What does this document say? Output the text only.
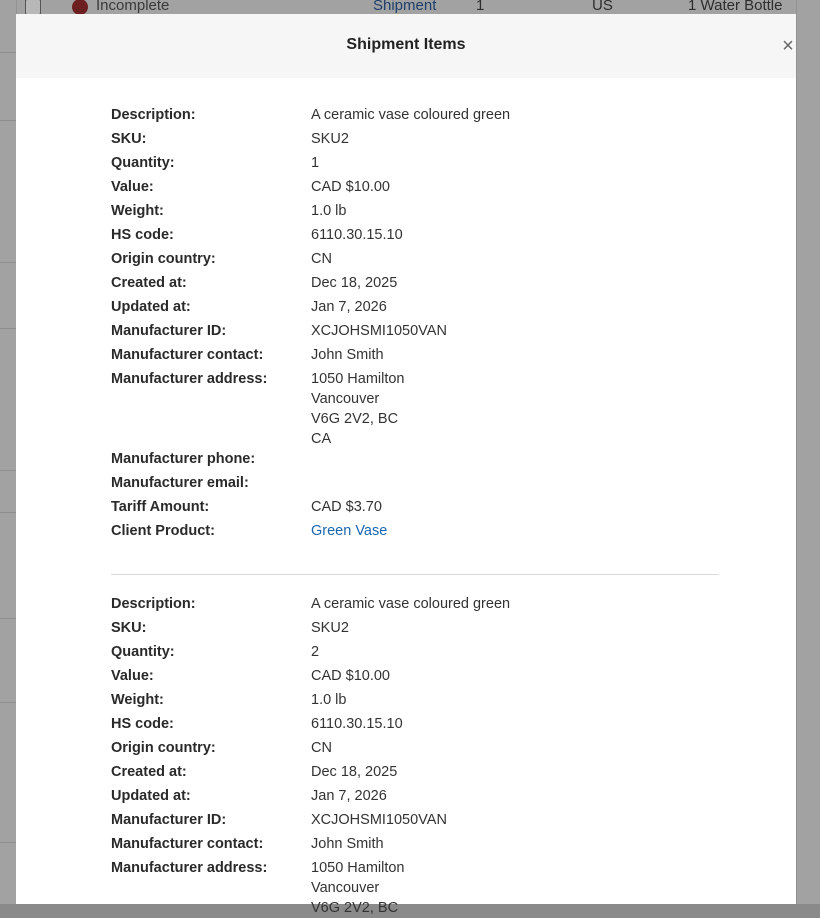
Incomplete	Shipment	1	US	1 Water Bottle
Shipment Items	×
Description:	A ceramic vase coloured green
SKU:	SKU2
Quantity:	1
Value:	CAD $10.00
Weight:	1.0 lb
HS code:	6110.30.15.10
Origin country:	CN
Created at:	Dec 18, 2025
Updated at:	Jan 7, 2026
Manufacturer ID:	XCJOHSMI1050VAN
Manufacturer contact:	John Smith
Manufacturer address:	1050 Hamilton
Vancouver
V6G 2V2, BC
CA
Manufacturer phone:
Manufacturer email:
Tariff Amount:	CAD $3.70
Client Product:	Green Vase
Description:	A ceramic vase coloured green
SKU:	SKU2
Quantity:	2
Value:	CAD $10.00
Weight:	1.0 lb
HS code:	6110.30.15.10
Origin country:	CN
Created at:	Dec 18, 2025
Updated at:	Jan 7, 2026
Manufacturer ID:	XCJOHSMI1050VAN
Manufacturer contact:	John Smith
Manufacturer address:	1050 Hamilton
Vancouver
V6G 2V2, BC
